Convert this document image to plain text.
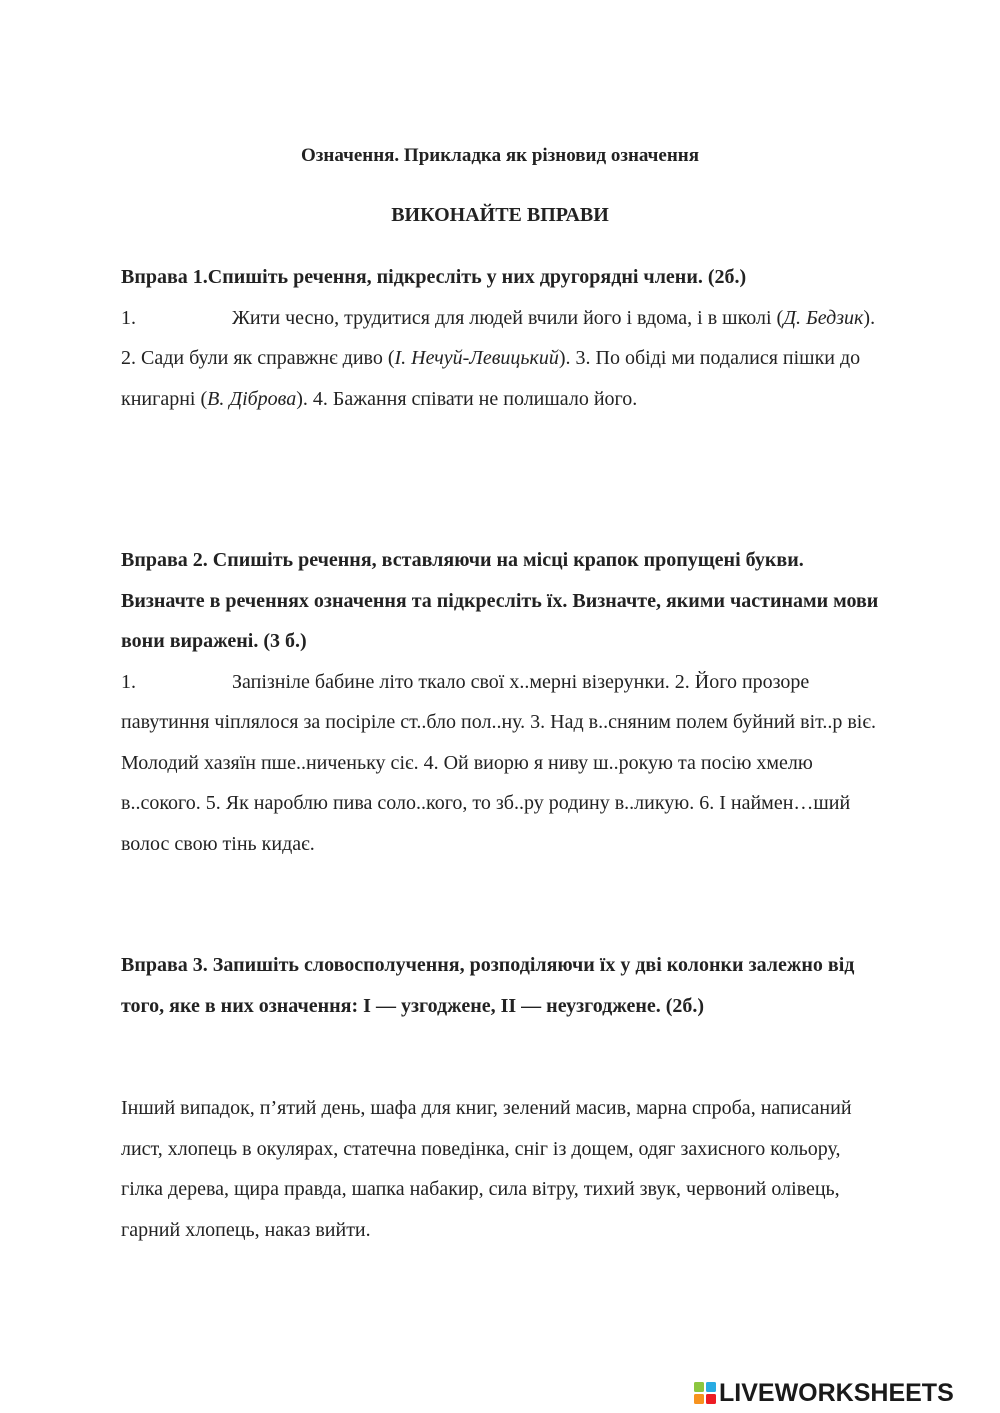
Означення. Прикладка як різновид означення
ВИКОНАЙТЕ ВПРАВИ
Вправа 1.Спишіть речення, підкресліть у них другорядні члени. (2б.)
1.	Жити чесно, трудитися для людей вчили його і вдома, і в школі (Д. Бедзик). 2. Сади були як справжнє диво (І. Нечуй-Левицький). 3. По обіді ми подалися пішки до книгарні (В. Діброва). 4. Бажання співати не полишало його.
Вправа 2. Спишіть речення, вставляючи на місці крапок пропущені букви. Визначте в реченнях означення та підкресліть їх. Визначте, якими частинами мови вони виражені. (3 б.)
1.	Запізніле бабине літо ткало свої х..мерні візерунки. 2. Його прозоре павутиння чіплялося за посіріле ст..бло пол..ну. 3. Над в..сняним полем буйний віт..р віє. Молодий хазяїн пше..ниченьку сіє. 4. Ой виорю я ниву ш..рокую та посію хмелю в..сокого. 5. Як нароблю пива соло..кого, то зб..ру родину в..ликую. 6. І наймен…ший волос свою тінь кидає.
Вправа 3. Запишіть словосполучення, розподіляючи їх у дві колонки залежно від того, яке в них означення: І — узгоджене, ІІ — неузгоджене. (2б.)
Інший випадок, п’ятий день, шафа для книг, зелений масив, марна спроба, написаний лист, хлопець в окулярах, статечна поведінка, сніг із дощем, одяг захисного кольору, гілка дерева, щира правда, шапка набакир, сила вітру, тихий звук, червоний олівець, гарний хлопець, наказ вийти.
LIVEWORKSHEETS
